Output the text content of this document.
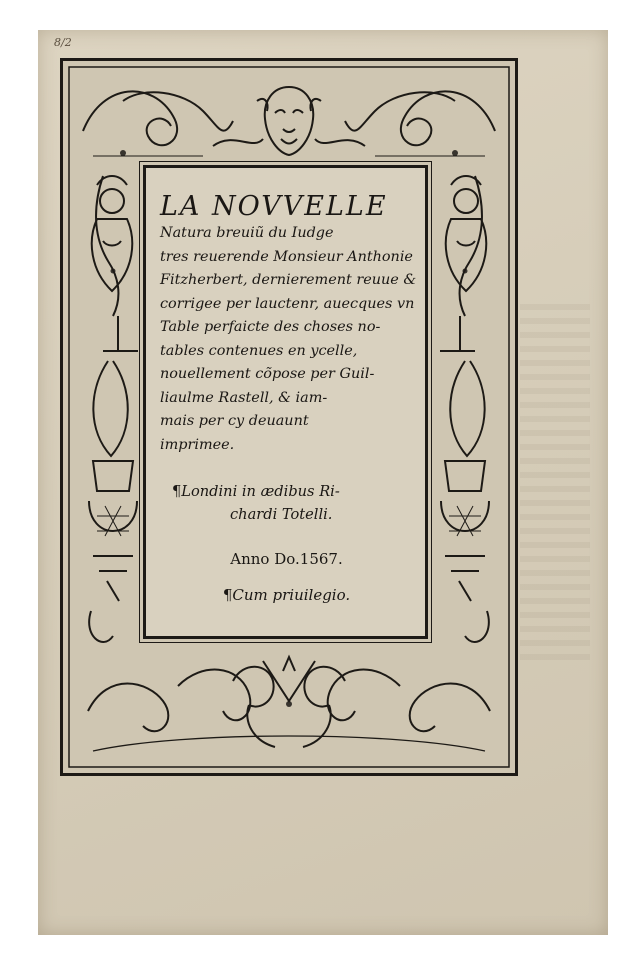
8/2
LA NOVVELLE
Natura breuiũ du Iudge
tres reuerende Monsieur Anthonie
Fitzherbert, dernierement reuue &
corrigee per lauctenr, auecques vn
Table perfaicte des choses no-
tables contenues en ycelle,
nouellement cõpose per Guil-
liaulme Rastell, & iam-
mais per cy deuaunt
imprimee.
¶Londini in ædibus Ri-
chardi Totelli.
Anno Do.1567.
¶Cum priuilegio.
